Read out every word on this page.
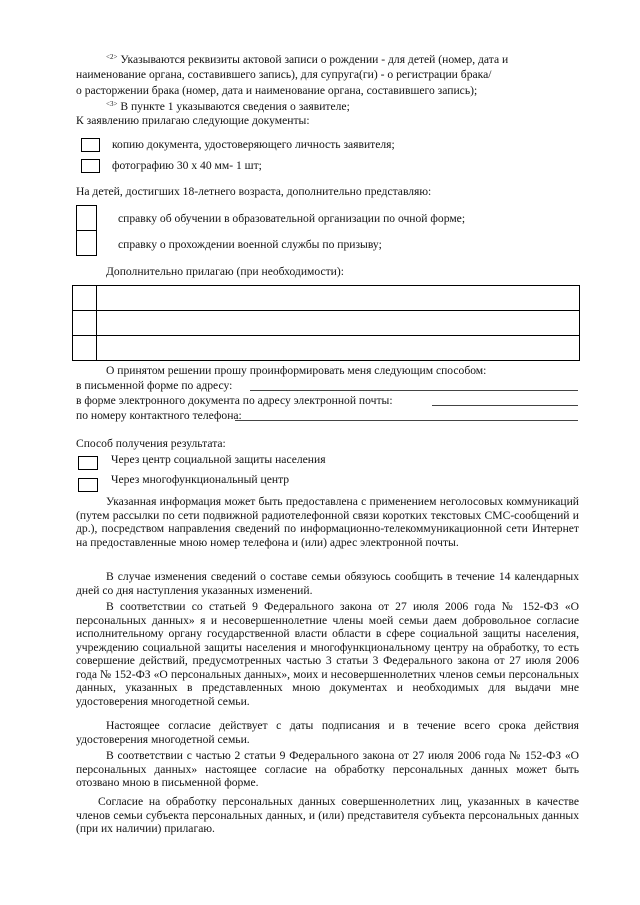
$^{<2>}$ Указываются реквизиты актовой записи о рождении - для детей (номер, дата и
наименование органа, составившего запись), для супруга(ги) - о регистрации брака/
о расторжении брака (номер, дата и наименование органа, составившего запись);
$^{<3>}$ В пункте 1 указываются сведения о заявителе;
К заявлению прилагаю следующие документы:
копию документа, удостоверяющего личность заявителя;
фотографию 30 х 40 мм- 1 шт;
На детей, достигших 18-летнего возраста, дополнительно представляю:
справку об обучении в образовательной организации по очной форме;
справку о прохождении военной службы по призыву;
Дополнительно прилагаю (при необходимости):

О принятом решении прошу проинформировать меня следующим способом:
в письменной форме по адресу:
в форме электронного документа по адресу электронной почты:
по номеру контактного телефона:
Способ получения результата:
Через центр социальной защиты населения
Через многофункциональный центр
Указанная информация может быть предоставлена с применением неголосовых коммуникаций (путем рассылки по сети подвижной радиотелефонной связи коротких текстовых СМС-сообщений и др.), посредством направления сведений по информационно-телекоммуникационной сети Интернет на предоставленные мною номер телефона и (или) адрес электронной почты.
В случае изменения сведений о составе семьи обязуюсь сообщить в течение 14 календарных дней со дня наступления указанных изменений.
В соответствии со статьей 9 Федерального закона от 27 июля 2006 года № 152-ФЗ «О персональных данных» я и несовершеннолетние члены моей семьи даем добровольное согласие исполнительному органу государственной власти области в сфере социальной защиты населения, учреждению социальной защиты населения и многофункциональному центру на обработку, то есть совершение действий, предусмотренных частью 3 статьи 3 Федерального закона от 27 июля 2006 года № 152-ФЗ «О персональных данных», моих и несовершеннолетних членов семьи персональных данных, указанных в представленных мною документах и необходимых для выдачи мне удостоверения многодетной семьи.
Настоящее согласие действует с даты подписания и в течение всего срока действия удостоверения многодетной семьи.
В соответствии с частью 2 статьи 9 Федерального закона от 27 июля 2006 года № 152-ФЗ «О персональных данных» настоящее согласие на обработку персональных данных может быть отозвано мною в письменной форме.
Согласие на обработку персональных данных совершеннолетних лиц, указанных в качестве членов семьи субъекта персональных данных, и (или) представителя субъекта персональных данных (при их наличии) прилагаю.
